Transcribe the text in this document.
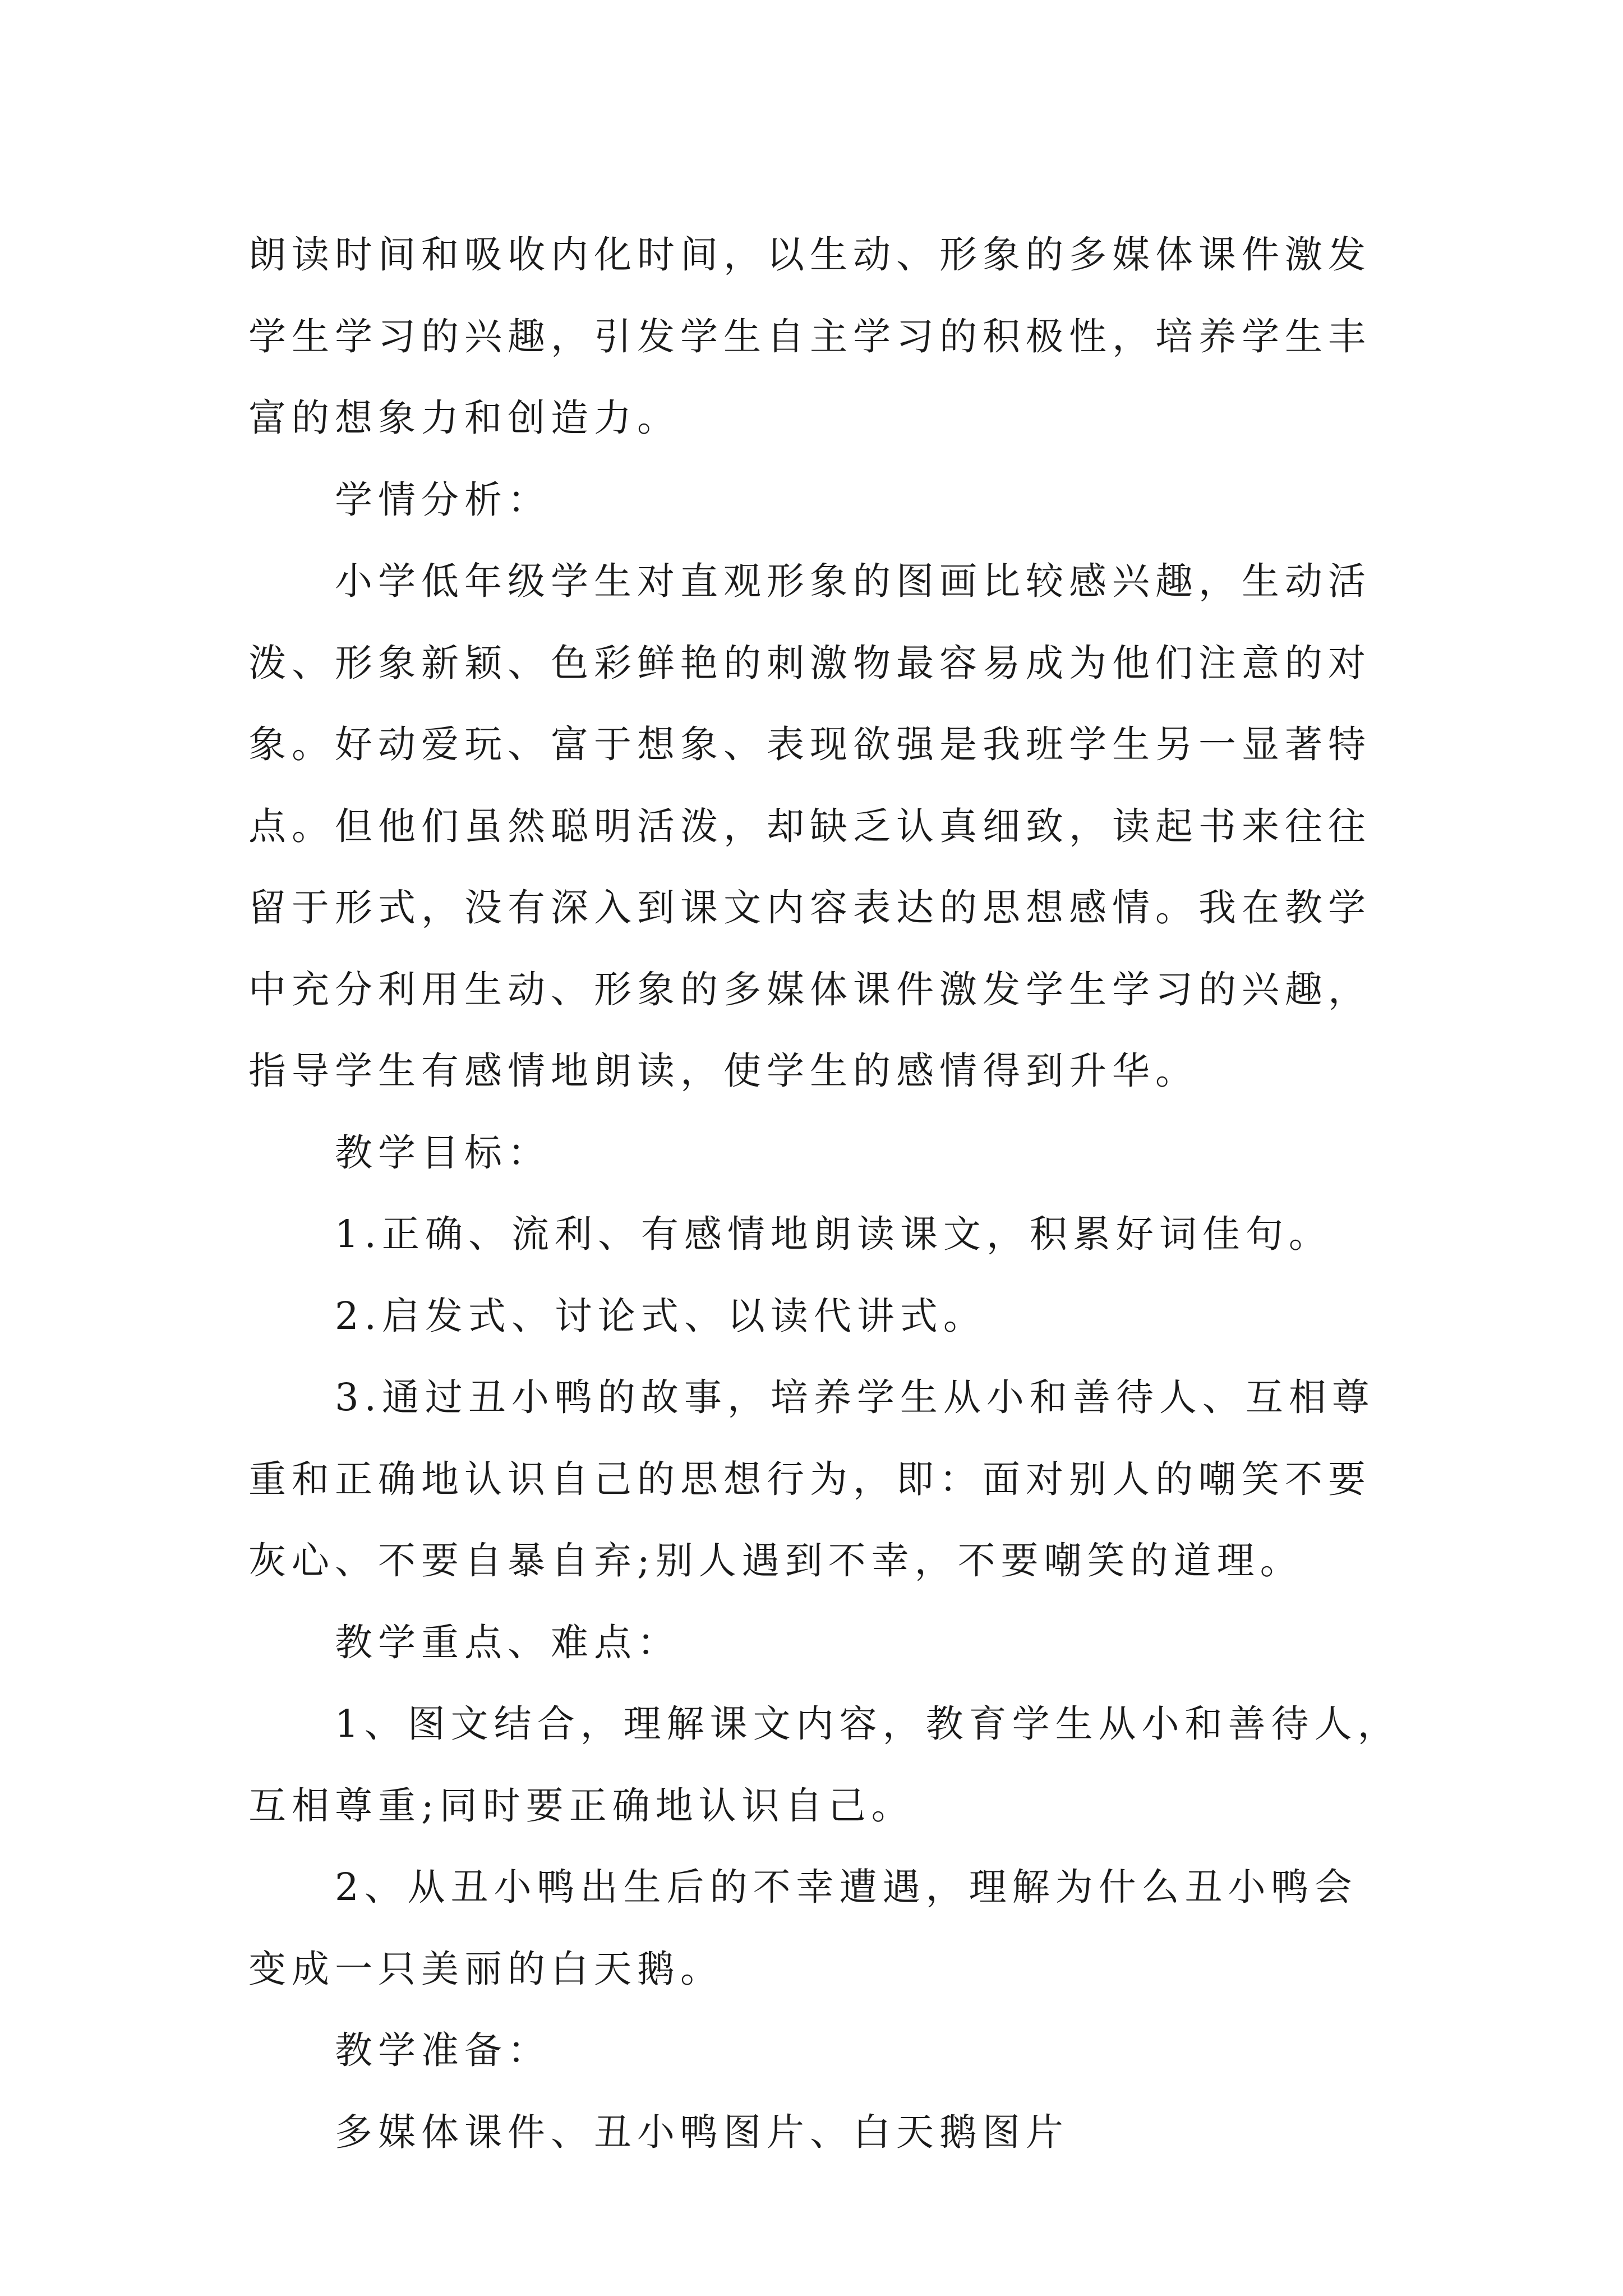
朗读时间和吸收内化时间，以生动、形象的多媒体课件激发

学生学习的兴趣，引发学生自主学习的积极性，培养学生丰

富的想象力和创造力。

学情分析：

小学低年级学生对直观形象的图画比较感兴趣，生动活

泼、形象新颖、色彩鲜艳的刺激物最容易成为他们注意的对

象。好动爱玩、富于想象、表现欲强是我班学生另一显著特

点。但他们虽然聪明活泼，却缺乏认真细致，读起书来往往

留于形式，没有深入到课文内容表达的思想感情。我在教学

中充分利用生动、形象的多媒体课件激发学生学习的兴趣，

指导学生有感情地朗读，使学生的感情得到升华。

教学目标：

1.正确、流利、有感情地朗读课文，积累好词佳句。

2.启发式、讨论式、以读代讲式。

3.通过丑小鸭的故事，培养学生从小和善待人、互相尊

重和正确地认识自己的思想行为，即：面对别人的嘲笑不要

灰心、不要自暴自弃;别人遇到不幸，不要嘲笑的道理。

教学重点、难点：

1、图文结合，理解课文内容，教育学生从小和善待人，

互相尊重;同时要正确地认识自己。

2、从丑小鸭出生后的不幸遭遇，理解为什么丑小鸭会

变成一只美丽的白天鹅。

教学准备：

多媒体课件、丑小鸭图片、白天鹅图片
